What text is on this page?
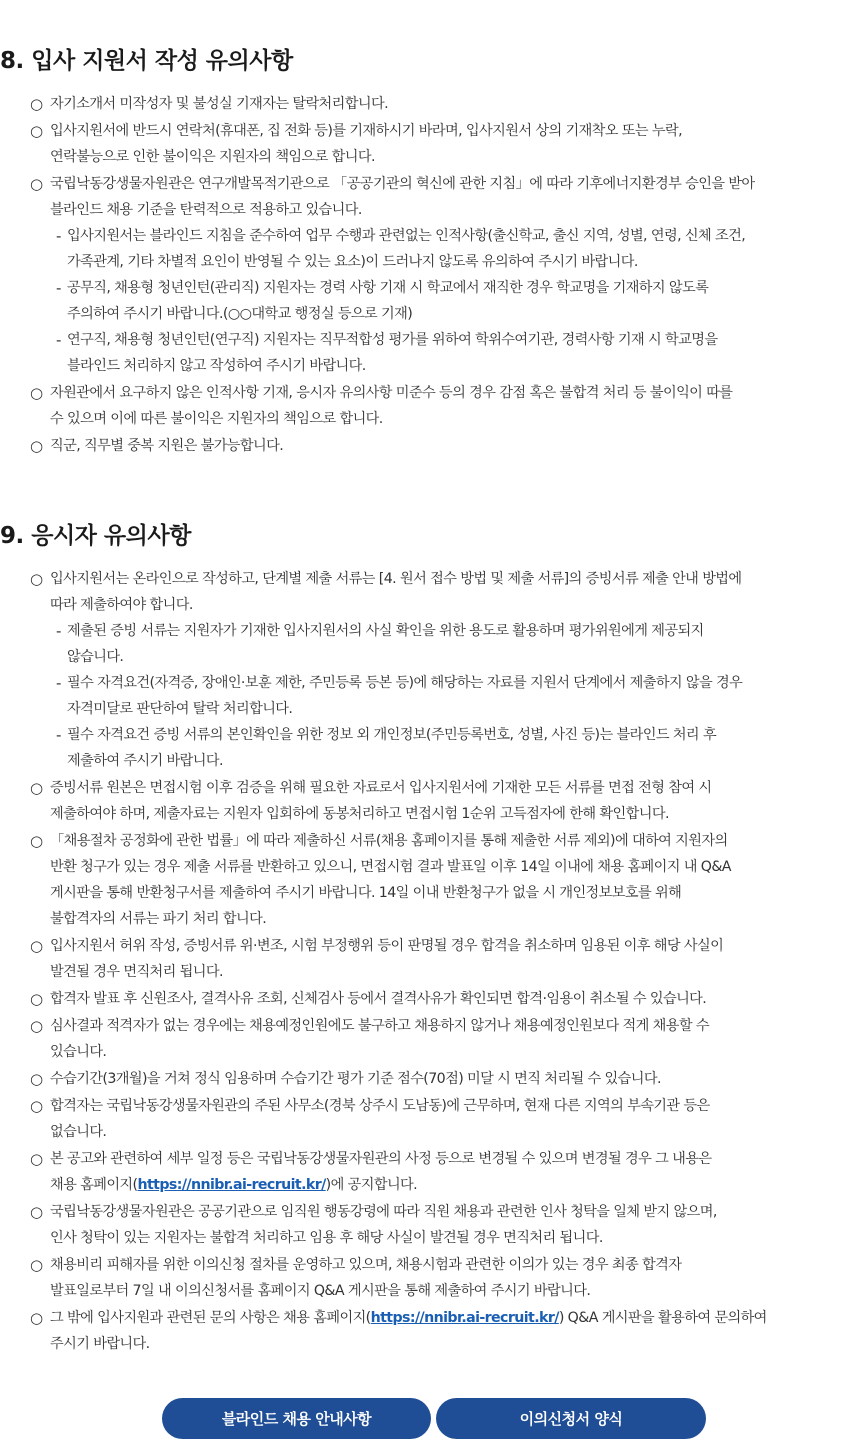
8. 입사 지원서 작성 유의사항
○ 자기소개서 미작성자 및 불성실 기재자는 탈락처리합니다.
○ 입사지원서에 반드시 연락처(휴대폰, 집 전화 등)를 기재하시기 바라며, 입사지원서 상의 기재착오 또는 누락,
연락불능으로 인한 불이익은 지원자의 책임으로 합니다.
○ 국립낙동강생물자원관은 연구개발목적기관으로 「공공기관의 혁신에 관한 지침」에 따라 기후에너지환경부 승인을 받아
블라인드 채용 기준을 탄력적으로 적용하고 있습니다.
- 입사지원서는 블라인드 지침을 준수하여 업무 수행과 관련없는 인적사항(출신학교, 출신 지역, 성별, 연령, 신체 조건,
가족관계, 기타 차별적 요인이 반영될 수 있는 요소)이 드러나지 않도록 유의하여 주시기 바랍니다.
- 공무직, 채용형 청년인턴(관리직) 지원자는 경력 사항 기재 시 학교에서 재직한 경우 학교명을 기재하지 않도록
주의하여 주시기 바랍니다.(○○대학교 행정실 등으로 기재)
- 연구직, 채용형 청년인턴(연구직) 지원자는 직무적합성 평가를 위하여 학위수여기관, 경력사항 기재 시 학교명을
블라인드 처리하지 않고 작성하여 주시기 바랍니다.
○ 자원관에서 요구하지 않은 인적사항 기재, 응시자 유의사항 미준수 등의 경우 감점 혹은 불합격 처리 등 불이익이 따를
수 있으며 이에 따른 불이익은 지원자의 책임으로 합니다.
○ 직군, 직무별 중복 지원은 불가능합니다.
9. 응시자 유의사항
○ 입사지원서는 온라인으로 작성하고, 단계별 제출 서류는 [4. 원서 접수 방법 및 제출 서류]의 증빙서류 제출 안내 방법에
따라 제출하여야 합니다.
- 제출된 증빙 서류는 지원자가 기재한 입사지원서의 사실 확인을 위한 용도로 활용하며 평가위원에게 제공되지
않습니다.
- 필수 자격요건(자격증, 장애인·보훈 제한, 주민등록 등본 등)에 해당하는 자료를 지원서 단계에서 제출하지 않을 경우
자격미달로 판단하여 탈락 처리합니다.
- 필수 자격요건 증빙 서류의 본인확인을 위한 정보 외 개인정보(주민등록번호, 성별, 사진 등)는 블라인드 처리 후
제출하여 주시기 바랍니다.
○ 증빙서류 원본은 면접시험 이후 검증을 위해 필요한 자료로서 입사지원서에 기재한 모든 서류를 면접 전형 참여 시
제출하여야 하며, 제출자료는 지원자 입회하에 동봉처리하고 면접시험 1순위 고득점자에 한해 확인합니다.
○ 「채용절차 공정화에 관한 법률」에 따라 제출하신 서류(채용 홈페이지를 통해 제출한 서류 제외)에 대하여 지원자의
반환 청구가 있는 경우 제출 서류를 반환하고 있으니, 면접시험 결과 발표일 이후 14일 이내에 채용 홈페이지 내 Q&A
게시판을 통해 반환청구서를 제출하여 주시기 바랍니다. 14일 이내 반환청구가 없을 시 개인정보보호를 위해
불합격자의 서류는 파기 처리 합니다.
○ 입사지원서 허위 작성, 증빙서류 위·변조, 시험 부정행위 등이 판명될 경우 합격을 취소하며 임용된 이후 해당 사실이
발견될 경우 면직처리 됩니다.
○ 합격자 발표 후 신원조사, 결격사유 조회, 신체검사 등에서 결격사유가 확인되면 합격·임용이 취소될 수 있습니다.
○ 심사결과 적격자가 없는 경우에는 채용예정인원에도 불구하고 채용하지 않거나 채용예정인원보다 적게 채용할 수
있습니다.
○ 수습기간(3개월)을 거쳐 정식 임용하며 수습기간 평가 기준 점수(70점) 미달 시 면직 처리될 수 있습니다.
○ 합격자는 국립낙동강생물자원관의 주된 사무소(경북 상주시 도남동)에 근무하며, 현재 다른 지역의 부속기관 등은
없습니다.
○ 본 공고와 관련하여 세부 일정 등은 국립낙동강생물자원관의 사정 등으로 변경될 수 있으며 변경될 경우 그 내용은
채용 홈페이지(https://nnibr.ai-recruit.kr/)에 공지합니다.
○ 국립낙동강생물자원관은 공공기관으로 임직원 행동강령에 따라 직원 채용과 관련한 인사 청탁을 일체 받지 않으며,
인사 청탁이 있는 지원자는 불합격 처리하고 임용 후 해당 사실이 발견될 경우 면직처리 됩니다.
○ 채용비리 피해자를 위한 이의신청 절차를 운영하고 있으며, 채용시험과 관련한 이의가 있는 경우 최종 합격자
발표일로부터 7일 내 이의신청서를 홈페이지 Q&A 게시판을 통해 제출하여 주시기 바랍니다.
○ 그 밖에 입사지원과 관련된 문의 사항은 채용 홈페이지(https://nnibr.ai-recruit.kr/) Q&A 게시판을 활용하여 문의하여
주시기 바랍니다.
블라인드 채용 안내사항	이의신청서 양식
